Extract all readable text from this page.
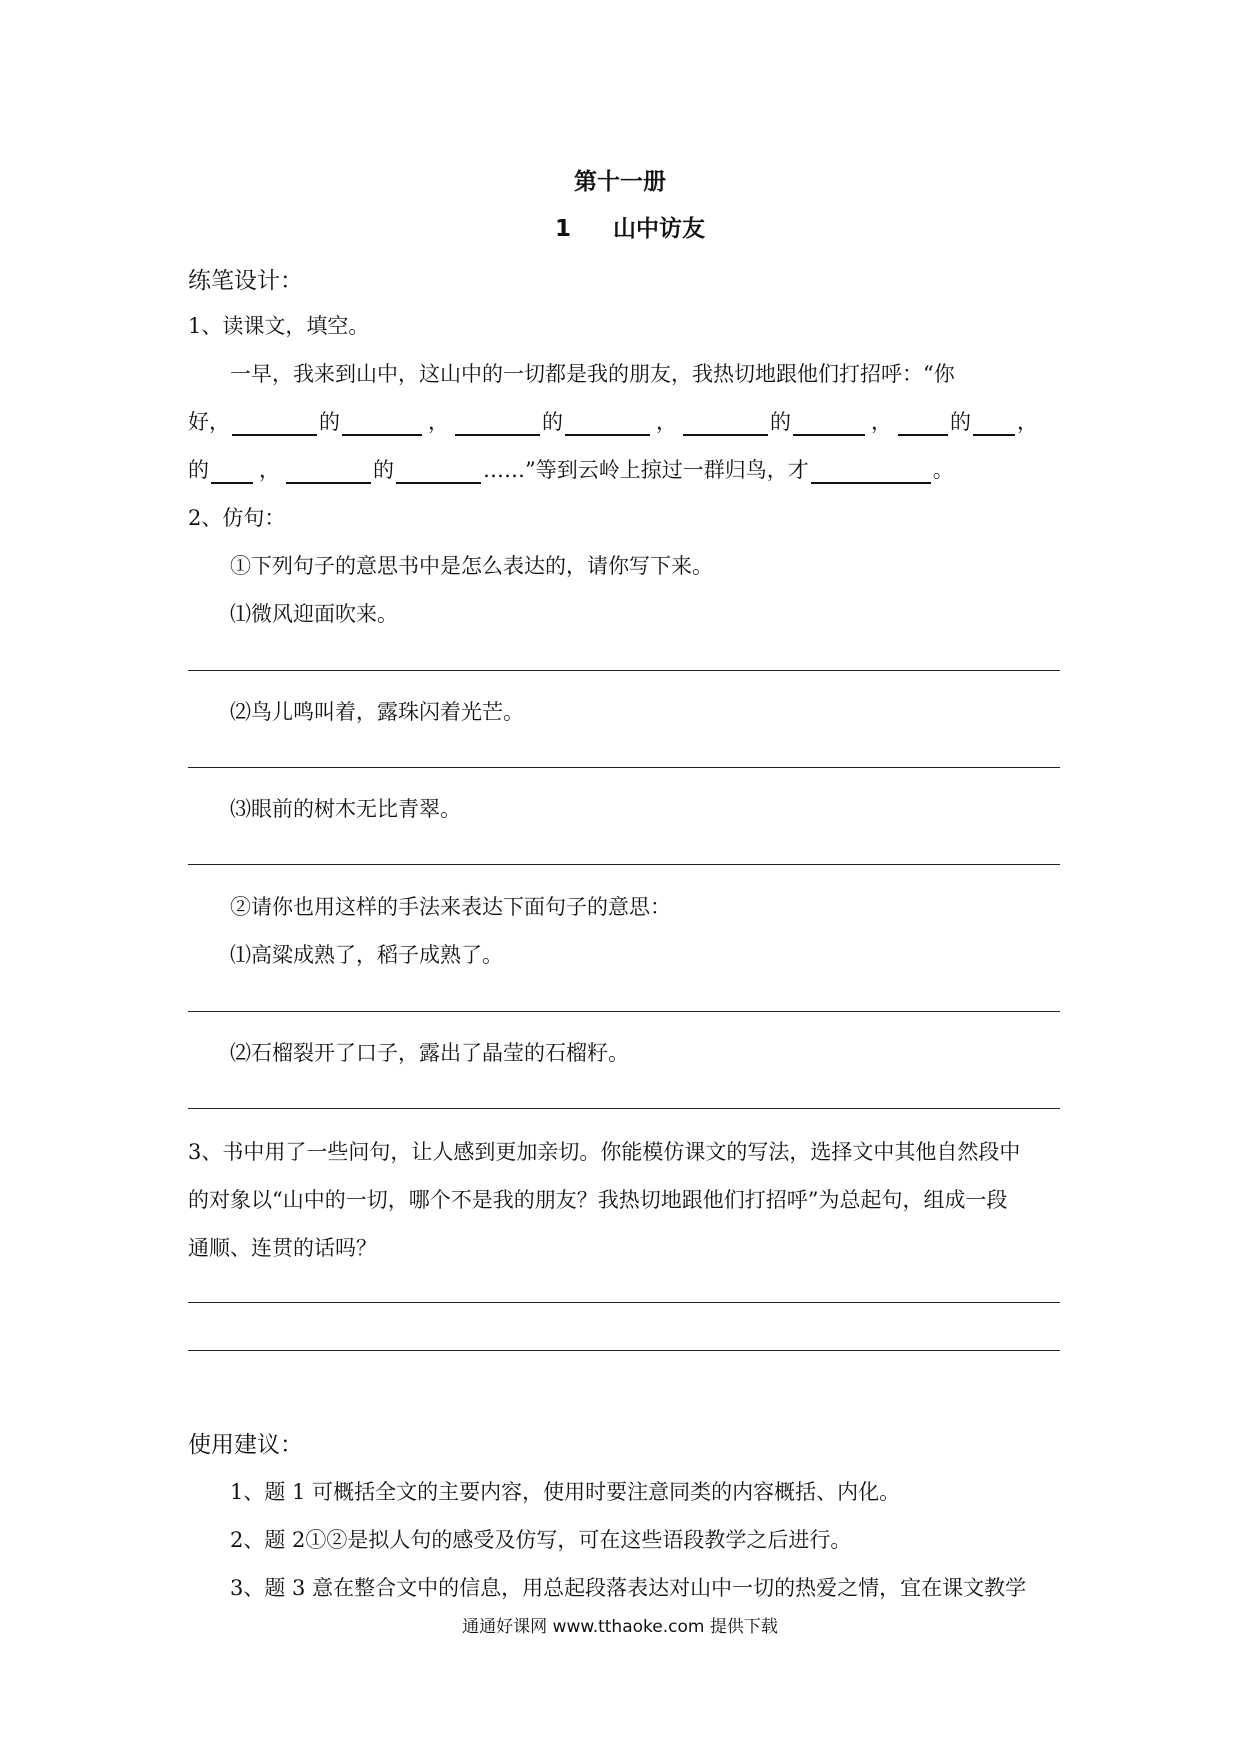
第十一册
1 山中访友
练笔设计：
1、读课文，填空。
一早，我来到山中，这山中的一切都是我的朋友，我热切地跟他们打招呼：“你
好，	的	，	的	，	的	，	的 ，
的 ，	的	……”等到云岭上掠过一群归鸟，才	。
2、仿句：
①下列句子的意思书中是怎么表达的，请你写下来。
⑴微风迎面吹来。
⑵鸟儿鸣叫着，露珠闪着光芒。
⑶眼前的树木无比青翠。
②请你也用这样的手法来表达下面句子的意思：
⑴高粱成熟了，稻子成熟了。
⑵石榴裂开了口子，露出了晶莹的石榴籽。
3、书中用了一些问句，让人感到更加亲切。你能模仿课文的写法，选择文中其他自然段中
的对象以“山中的一切，哪个不是我的朋友？我热切地跟他们打招呼”为总起句，组成一段
通顺、连贯的话吗？
使用建议：
1、题 1 可概括全文的主要内容，使用时要注意同类的内容概括、内化。
2、题 2①②是拟人句的感受及仿写，可在这些语段教学之后进行。
3、题 3 意在整合文中的信息，用总起段落表达对山中一切的热爱之情，宜在课文教学
通通好课网 www.tthaoke.com 提供下载
